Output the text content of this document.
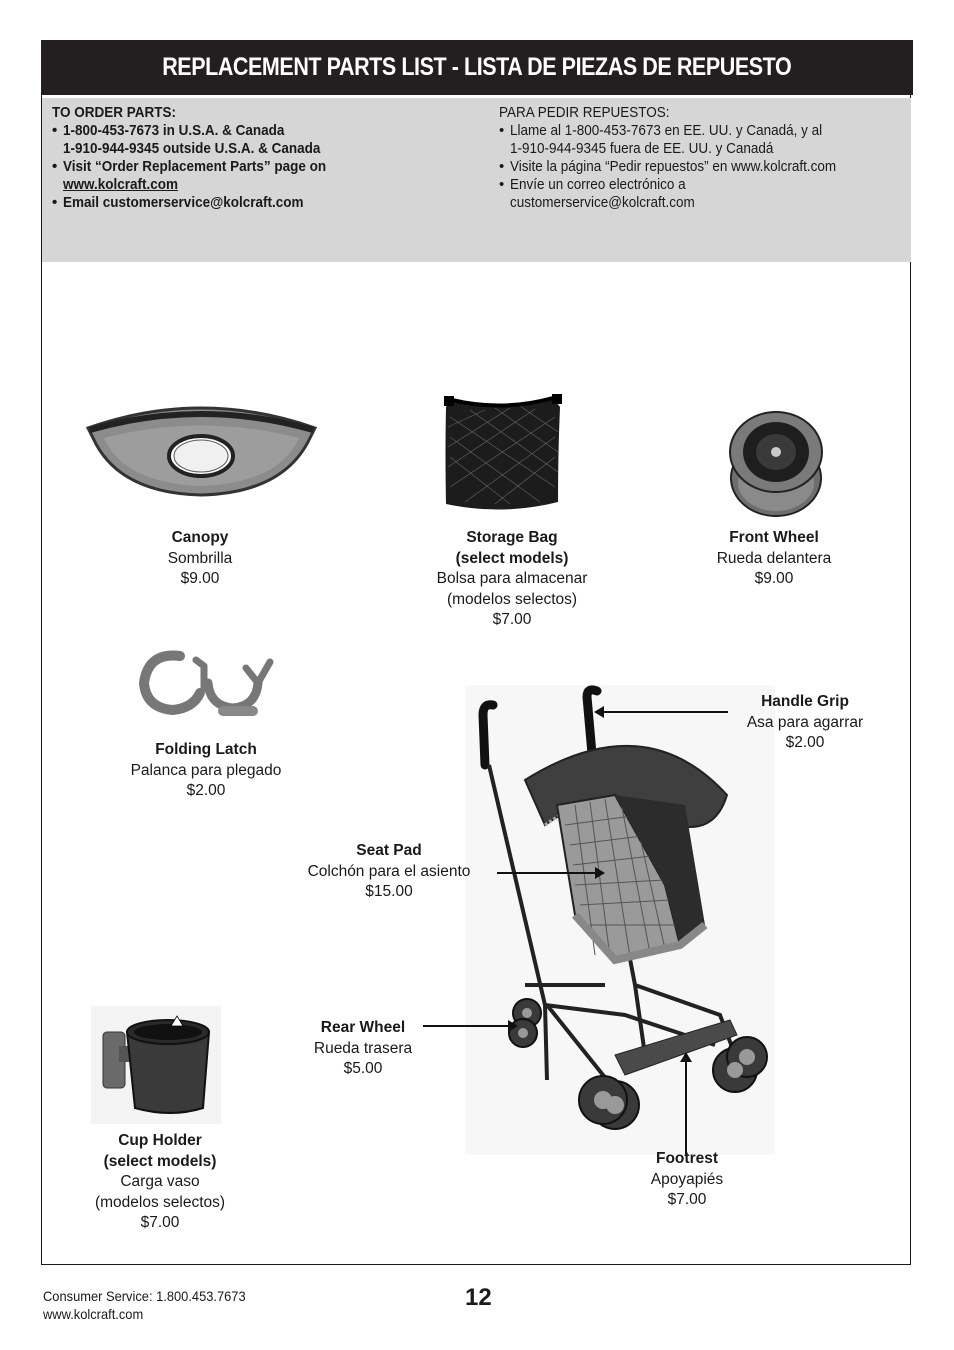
REPLACEMENT PARTS LIST - LISTA DE PIEZAS DE REPUESTO
TO ORDER PARTS:
• 1-800-453-7673 in U.S.A. & Canada
1-910-944-9345 outside U.S.A. & Canada
• Visit “Order Replacement Parts” page on
www.kolcraft.com
• Email customerservice@kolcraft.com
PARA PEDIR REPUESTOS:
• Llame al 1-800-453-7673 en EE. UU. y Canadá, y al
1-910-944-9345 fuera de EE. UU. y Canadá
• Visite la página “Pedir repuestos” en www.kolcraft.com
• Envíe un correo electrónico a
customerservice@kolcraft.com
Canopy
Sombrilla
$9.00
Storage Bag
(select models)
Bolsa para almacenar
(modelos selectos)
$7.00
Front Wheel
Rueda delantera
$9.00
Folding Latch
Palanca para plegado
$2.00
Handle Grip
Asa para agarrar
$2.00
Seat Pad
Colchón para el asiento
$15.00
Rear Wheel
Rueda trasera
$5.00
Cup Holder
(select models)
Carga vaso
(modelos selectos)
$7.00
Footrest
Apoyapiés
$7.00
Consumer Service: 1.800.453.7673
www.kolcraft.com
12
